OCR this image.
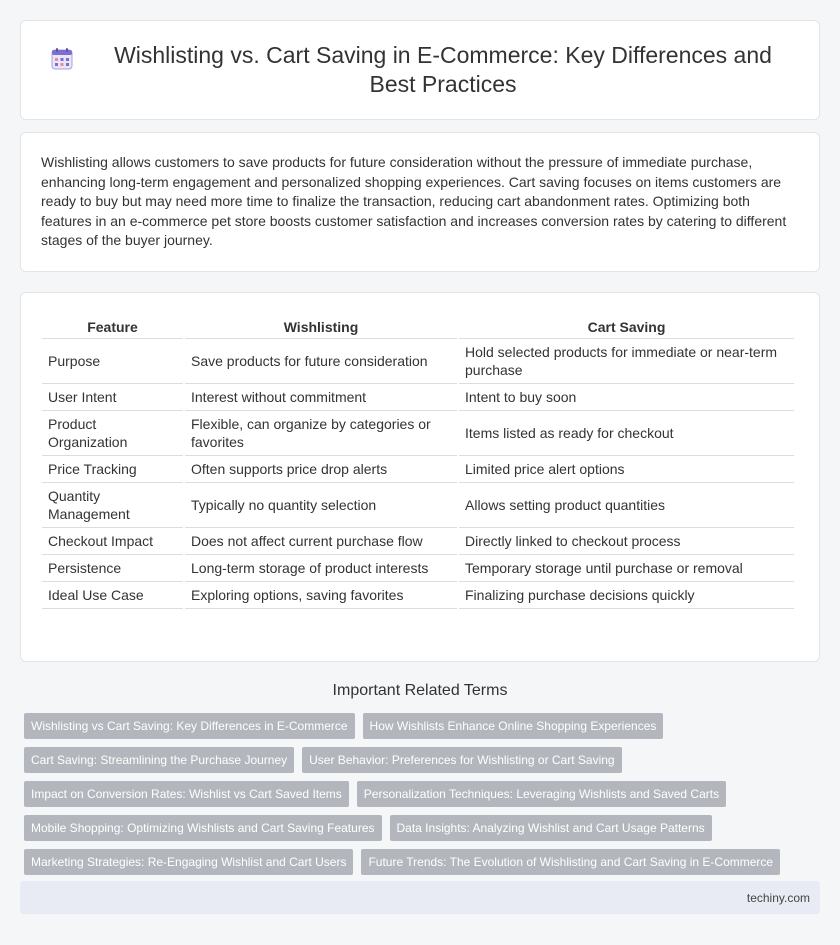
Wishlisting vs. Cart Saving in E-Commerce: Key Differences and Best Practices

Wishlisting allows customers to save products for future consideration without the pressure of immediate purchase, enhancing long-term engagement and personalized shopping experiences. Cart saving focuses on items customers are ready to buy but may need more time to finalize the transaction, reducing cart abandonment rates. Optimizing both features in an e-commerce pet store boosts customer satisfaction and increases conversion rates by catering to different stages of the buyer journey.

Feature	Wishlisting	Cart Saving
Purpose	Save products for future consideration	Hold selected products for immediate or near-term purchase
User Intent	Interest without commitment	Intent to buy soon
Product Organization	Flexible, can organize by categories or favorites	Items listed as ready for checkout
Price Tracking	Often supports price drop alerts	Limited price alert options
Quantity Management	Typically no quantity selection	Allows setting product quantities
Checkout Impact	Does not affect current purchase flow	Directly linked to checkout process
Persistence	Long-term storage of product interests	Temporary storage until purchase or removal
Ideal Use Case	Exploring options, saving favorites	Finalizing purchase decisions quickly
Important Related Terms
Wishlisting vs Cart Saving: Key Differences in E-Commerce	How Wishlists Enhance Online Shopping Experiences
Cart Saving: Streamlining the Purchase Journey	User Behavior: Preferences for Wishlisting or Cart Saving
Impact on Conversion Rates: Wishlist vs Cart Saved Items	Personalization Techniques: Leveraging Wishlists and Saved Carts
Mobile Shopping: Optimizing Wishlists and Cart Saving Features	Data Insights: Analyzing Wishlist and Cart Usage Patterns
Marketing Strategies: Re-Engaging Wishlist and Cart Users	Future Trends: The Evolution of Wishlisting and Cart Saving in E-Commerce
techiny.com
